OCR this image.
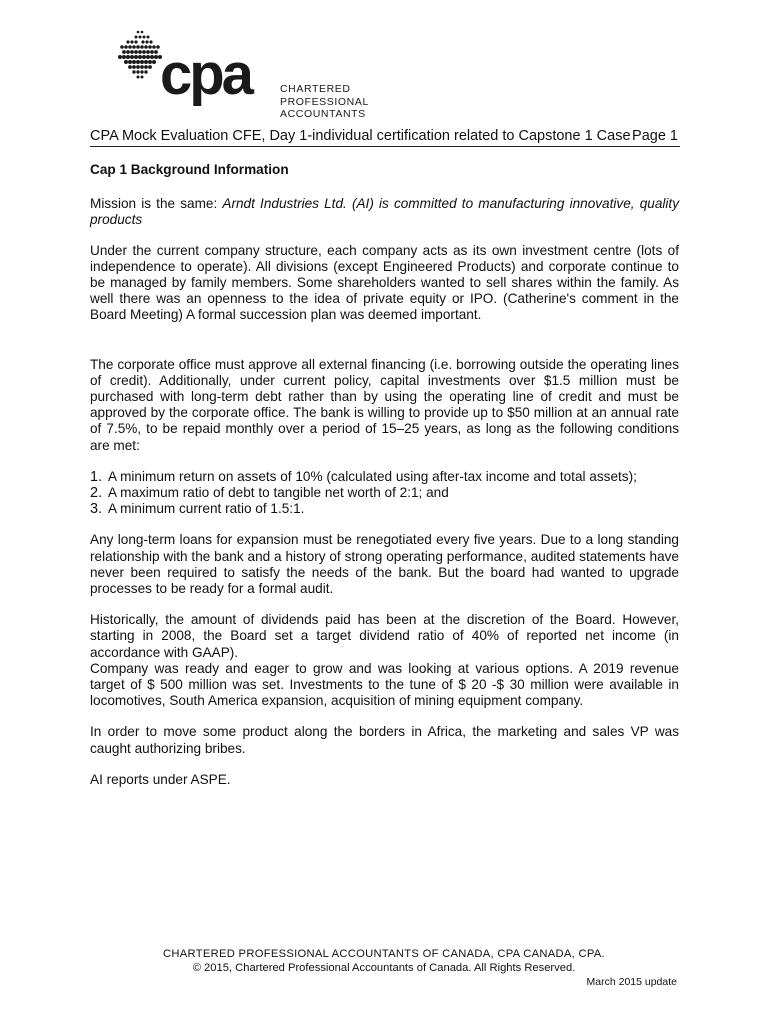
cpa	CHARTERED
PROFESSIONAL
ACCOUNTANTS
CPA Mock Evaluation CFE, Day 1-individual certification related to Capstone 1 Case Page 1

Cap 1 Background Information

Mission is the same: Arndt Industries Ltd. (AI) is committed to manufacturing innovative, quality products

Under the current company structure, each company acts as its own investment centre (lots of independence to operate). All divisions (except Engineered Products) and corporate continue to be managed by family members. Some shareholders wanted to sell shares within the family. As well there was an openness to the idea of private equity or IPO. (Catherine's comment in the Board Meeting) A formal succession plan was deemed important.

The corporate office must approve all external financing (i.e. borrowing outside the operating lines of credit). Additionally, under current policy, capital investments over $1.5 million must be purchased with long-term debt rather than by using the operating line of credit and must be approved by the corporate office. The bank is willing to provide up to $50 million at an annual rate of 7.5%, to be repaid monthly over a period of 15–25 years, as long as the following conditions are met:

1. A minimum return on assets of 10% (calculated using after-tax income and total assets);
2. A maximum ratio of debt to tangible net worth of 2:1; and
3. A minimum current ratio of 1.5:1.

Any long-term loans for expansion must be renegotiated every five years. Due to a long standing relationship with the bank and a history of strong operating performance, audited statements have never been required to satisfy the needs of the bank. But the board had wanted to upgrade processes to be ready for a formal audit.

Historically, the amount of dividends paid has been at the discretion of the Board. However, starting in 2008, the Board set a target dividend ratio of 40% of reported net income (in accordance with GAAP).

Company was ready and eager to grow and was looking at various options. A 2019 revenue target of $ 500 million was set. Investments to the tune of $ 20 -$ 30 million were available in locomotives, South America expansion, acquisition of mining equipment company.

In order to move some product along the borders in Africa, the marketing and sales VP was caught authorizing bribes.

AI reports under ASPE.

CHARTERED PROFESSIONAL ACCOUNTANTS OF CANADA, CPA CANADA, CPA.
© 2015, Chartered Professional Accountants of Canada. All Rights Reserved.
March 2015 update
